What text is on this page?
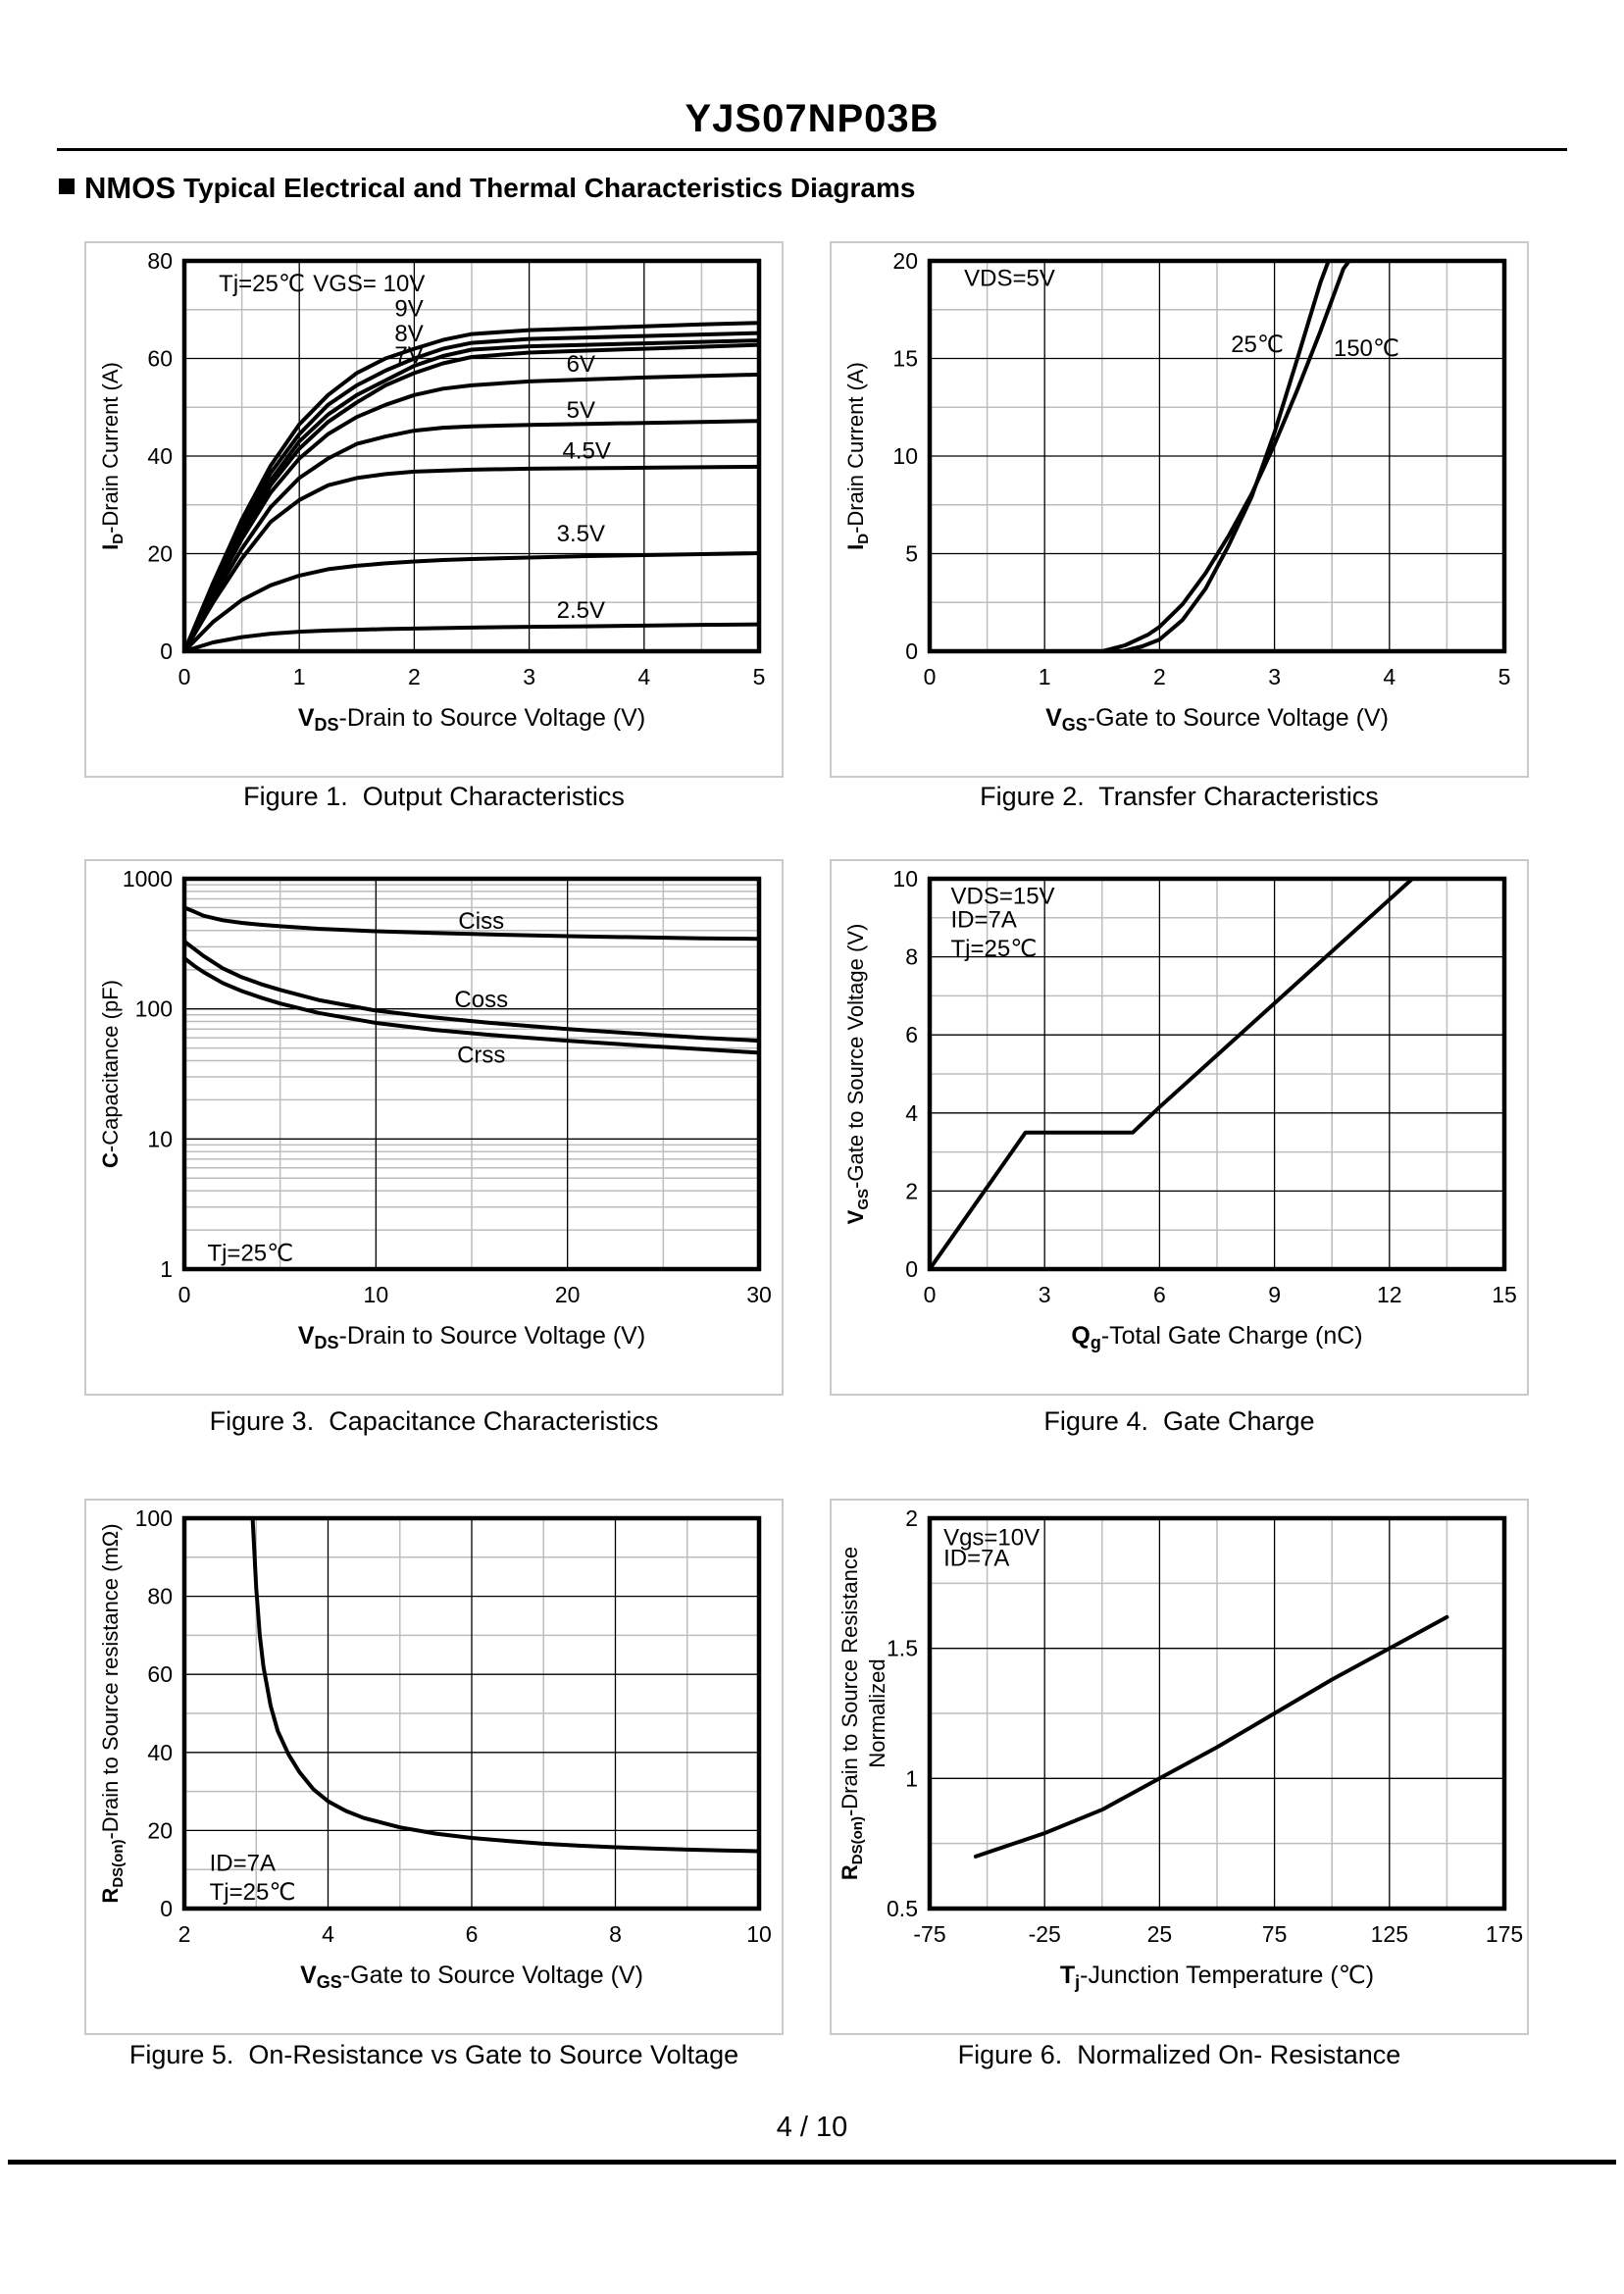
YJS07NP03B
NMOS Typical Electrical and Thermal Characteristics Diagrams
0	1	2	3	4	5
0
20
40
60
80
VDS-Drain to Source Voltage (V)
ID-Drain Current (A)
Tj=25℃ VGS= 10V
9V
8V
7V	6V
5V
4.5V
3.5V
2.5V
0	1	2	3	4	5
0
5
10
15
20
VGS-Gate to Source Voltage (V)
ID-Drain Current (A)
VDS=5V
25℃ 150℃
0	10	20	30
1
10
100
1000
VDS-Drain to Source Voltage (V)
C-Capacitance (pF)
Ciss
Coss
Crss
Tj=25℃
0	3	6	9	12	15
0
2
4
6
8
10
Qg-Total Gate Charge (nC)
VGS-Gate to Source Voltage (V)
VDS=15V
ID=7A
Tj=25℃
2	4	6	8	10
0
20
40
60
80
100
VGS-Gate to Source Voltage (V)
RDS(on)-Drain to Source resistance (mΩ)
ID=7A
Tj=25℃
-75	-25	25	75	125	175
0.5
1
1.5
2
Tj-Junction Temperature (℃)
RDS(on)-Drain to Source Resistance Normalized
Vgs=10V
ID=7A
Figure 1.  Output Characteristics	Figure 2.  Transfer Characteristics
Figure 3.  Capacitance Characteristics	Figure 4.  Gate Charge
Figure 5.  On-Resistance vs Gate to Source Voltage	Figure 6.  Normalized On- Resistance
4 / 10
